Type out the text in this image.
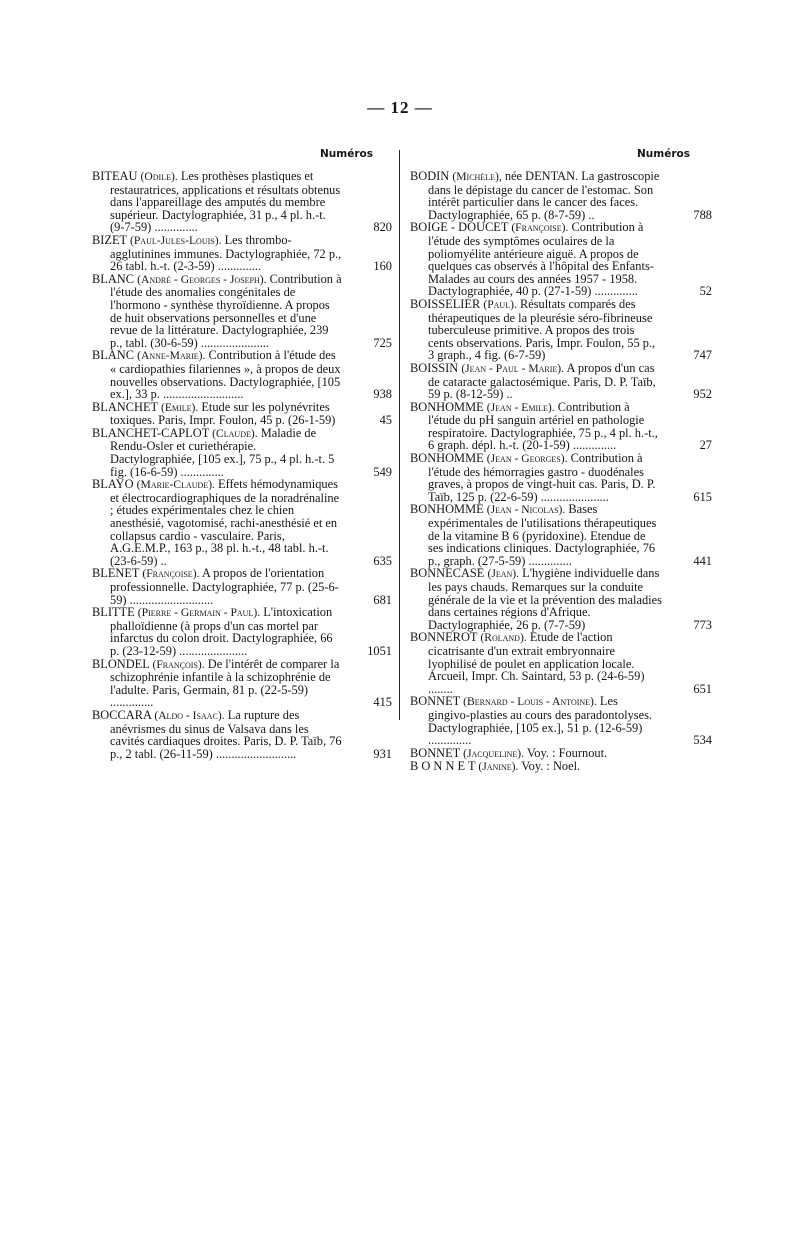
— 12 —
Numéros	Numéros

BITEAU (Odile). Les prothèses plastiques et restauratrices, applications et résultats obtenus dans l'appareillage des amputés du membre supérieur. Dactylographiée, 31 p., 4 pl. h.-t. (9-7-59) ..............	820

BIZET (Paul-Jules-Louis). Les thrombo-agglutinines immunes. Dactylographiée, 72 p., 26 tabl. h.-t. (2-3-59) ..............	160

BLANC (André - Georges - Joseph). Contribution à l'étude des anomalies congénitales de l'hormono - synthèse thyroïdienne. A propos de huit observations personnelles et d'une revue de la littérature. Dactylographiée, 239 p., tabl. (30-6-59) ......................	725

BLANC (Anne-Marie). Contribution à l'étude des « cardiopathies filariennes », à propos de deux nouvelles observations. Dactylographiée, [105 ex.], 33 p. ..........................	938

BLANCHET (Emile). Etude sur les polynévrites toxiques. Paris, Impr. Foulon, 45 p. (26-1-59)	45

BLANCHET-CAPLOT (Claude). Maladie de Rendu-Osler et curiethérapie. Dactylographiée, [105 ex.], 75 p., 4 pl. h.-t. 5 fig. (16-6-59) ..............	549

BLAYO (Marie-Claude). Effets hémodynamiques et électrocardiographiques de la noradrénaline ; études expérimentales chez le chien anesthésié, vagotomisé, rachi-anesthésié et en collapsus cardio - vasculaire. Paris, A.G.E.M.P., 163 p., 38 pl. h.-t., 48 tabl. h.-t. (23-6-59) ..	635

BLENET (Françoise). A propos de l'orientation professionnelle. Dactylographiée, 77 p. (25-6-59) ...........................	681

BLITTE (Pierre - Germain - Paul). L'intoxication phalloïdienne (à props d'un cas mortel par infarctus du colon droit. Dactylographiée, 66 p. (23-12-59) ......................	1051

BLONDEL (François). De l'intérêt de comparer la schizophrénie infantile à la schizophrénie de l'adulte. Paris, Germain, 81 p. (22-5-59) ..............	415

BOCCARA (Aldo - Isaac). La rupture des anévrismes du sinus de Valsava dans les cavités cardiaques droites. Paris, D. P. Taïb, 76 p., 2 tabl. (26-11-59) ..........................	931

BODIN (Michèle), née DENTAN. La gastroscopie dans le dépistage du cancer de l'estomac. Son intérêt particulier dans le cancer des faces. Dactylographiée, 65 p. (8-7-59) ..	788

BOIGE - DOUCET (Françoise). Contribution à l'étude des symptômes oculaires de la poliomyélite antérieure aiguë. A propos de quelques cas observés à l'hôpital des Enfants-Malades au cours des années 1957 - 1958. Dactylographiée, 40 p. (27-1-59) ..............	52

BOISSELIER (Paul). Résultats comparés des thérapeutiques de la pleurésie séro-fibrineuse tuberculeuse primitive. A propos des trois cents observations. Paris, Impr. Foulon, 55 p., 3 graph., 4 fig. (6-7-59)	747

BOISSIN (Jean - Paul - Marie). A propos d'un cas de cataracte galactosémique. Paris, D. P. Taïb, 59 p. (8-12-59) ..	952

BONHOMME (Jean - Emile). Contribution à l'étude du pH sanguin artériel en pathologie respiratoire. Dactylographiée, 75 p., 4 pl. h.-t., 6 graph. dépl. h.-t. (20-1-59) ..............	27

BONHOMME (Jean - Georges). Contribution à l'étude des hémorragies gastro - duodénales graves, à propos de vingt-huit cas. Paris, D. P. Taïb, 125 p. (22-6-59) ......................	615

BONHOMME (Jean - Nicolas). Bases expérimentales de l'utilisations thérapeutiques de la vitamine B 6 (pyridoxine). Etendue de ses indications cliniques. Dactylographiée, 76 p., graph. (27-5-59) ..............	441

BONNECASE (Jean). L'hygiène individuelle dans les pays chauds. Remarques sur la conduite générale de la vie et la prévention des maladies dans certaines régions d'Afrique. Dactylographiée, 26 p. (7-7-59)	773

BONNEROT (Roland). Etude de l'action cicatrisante d'un extrait embryonnaire lyophilisé de poulet en application locale. Arcueil, Impr. Ch. Saintard, 53 p. (24-6-59) ........	651

BONNET (Bernard - Louis - Antoine). Les gingivo-plasties au cours des paradontolyses. Dactylographiée, [105 ex.], 51 p. (12-6-59) ..............	534

BONNET (Jacqueline). Voy. : Fournout.

B O N N E T (Janine). Voy. : Noel.
